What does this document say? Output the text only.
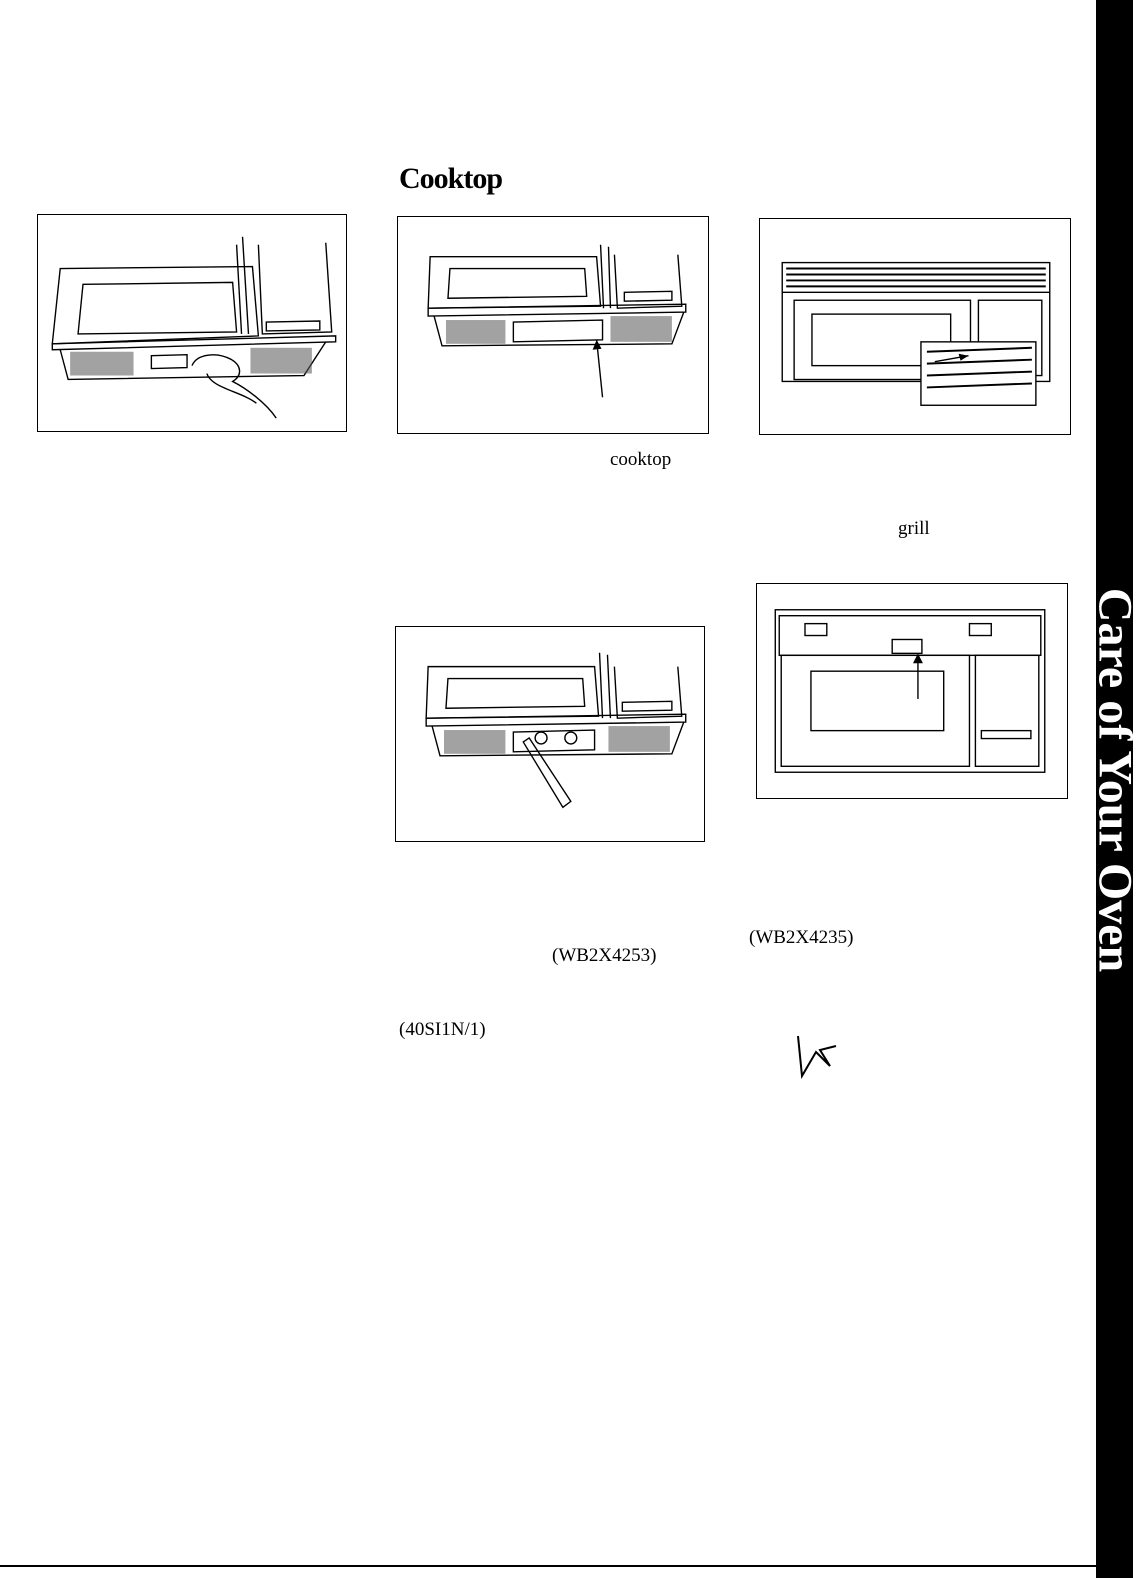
Cooktop
cooktop
grill
(WB2X4235)
(WB2X4253)
(40SI1N/1)
Care of Your Oven
